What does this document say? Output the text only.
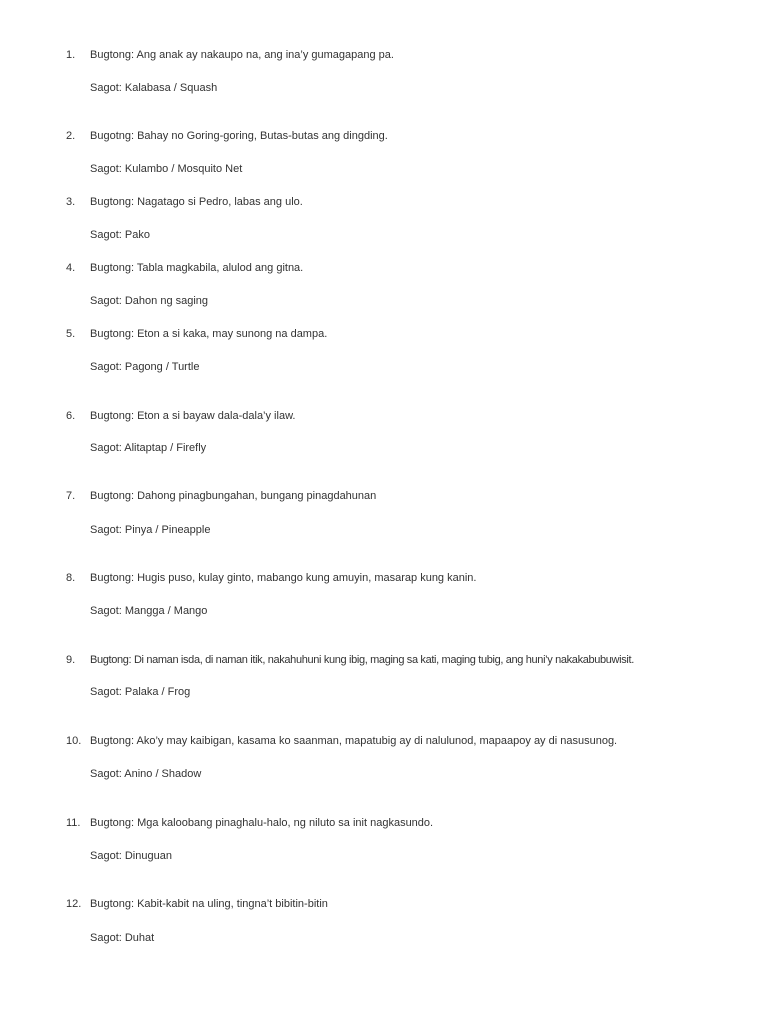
1. Bugtong: Ang anak ay nakaupo na, ang ina’y gumagapang pa.
Sagot: Kalabasa / Squash
2. Bugotng: Bahay no Goring-goring, Butas-butas ang dingding.
Sagot: Kulambo / Mosquito Net
3. Bugtong: Nagatago si Pedro, labas ang ulo.
Sagot: Pako
4. Bugtong: Tabla magkabila, alulod ang gitna.
Sagot: Dahon ng saging
5. Bugtong: Eton a si kaka, may sunong na dampa.
Sagot: Pagong / Turtle
6. Bugtong: Eton a si bayaw dala-dala’y ilaw.
Sagot: Alitaptap / Firefly
7. Bugtong: Dahong pinagbungahan, bungang pinagdahunan
Sagot: Pinya / Pineapple
8. Bugtong: Hugis puso, kulay ginto, mabango kung amuyin, masarap kung kanin.
Sagot: Mangga / Mango
9. Bugtong: Di naman isda, di naman itik, nakahuhuni kung ibig, maging sa kati, maging tubig, ang huni’y nakakabubuwisit.
Sagot: Palaka / Frog
10. Bugtong: Ako’y may kaibigan, kasama ko saanman, mapatubig ay di nalulunod, mapaapoy ay di nasusunog.
Sagot: Anino / Shadow
11. Bugtong: Mga kaloobang pinaghalu-halo, ng niluto sa init nagkasundo.
Sagot: Dinuguan
12. Bugtong: Kabit-kabit na uling, tingna’t bibitin-bitin
Sagot: Duhat
